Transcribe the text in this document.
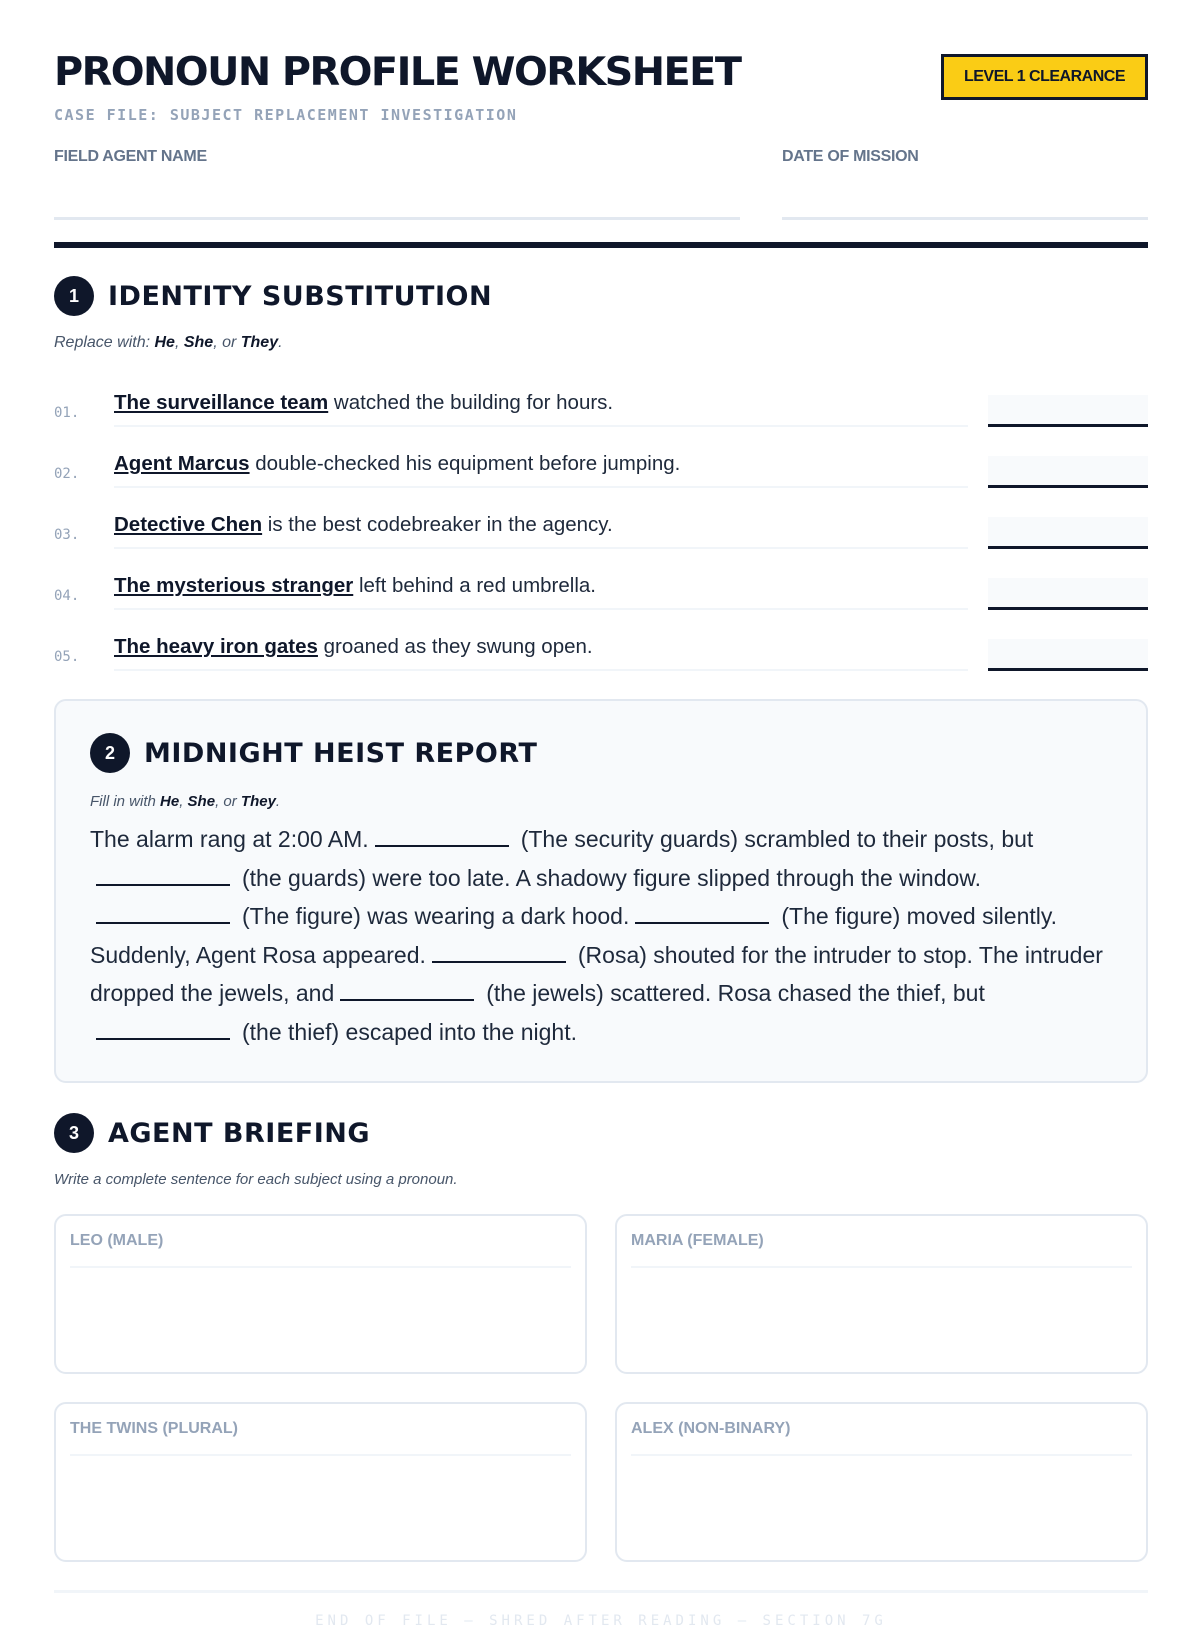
PRONOUN PROFILE WORKSHEET
CASE FILE: SUBJECT REPLACEMENT INVESTIGATION
LEVEL 1 CLEARANCE
FIELD AGENT NAME	DATE OF MISSION
1	IDENTITY SUBSTITUTION
Replace with: He, She, or They.
01.	The surveillance team watched the building for hours.
02.	Agent Marcus double-checked his equipment before jumping.
03.	Detective Chen is the best codebreaker in the agency.
04.	The mysterious stranger left behind a red umbrella.
05.	The heavy iron gates groaned as they swung open.
2	MIDNIGHT HEIST REPORT
Fill in with He, She, or They.
The alarm rang at 2:00 AM.	(The security guards) scrambled to their posts, but(the guards) were too late. A shadowy figure slipped through the window.(The figure) was wearing a dark hood.	(The figure) moved silently. Suddenly, Agent Rosa appeared.	(Rosa) shouted for the intruder to stop. The intruder dropped the jewels, and	(the jewels) scattered. Rosa chased the thief, but(the thief) escaped into the night.
3	AGENT BRIEFING
Write a complete sentence for each subject using a pronoun.
LEO (MALE)	MARIA (FEMALE)
THE TWINS (PLURAL)	ALEX (NON-BINARY)
END OF FILE — SHRED AFTER READING — SECTION 7G
